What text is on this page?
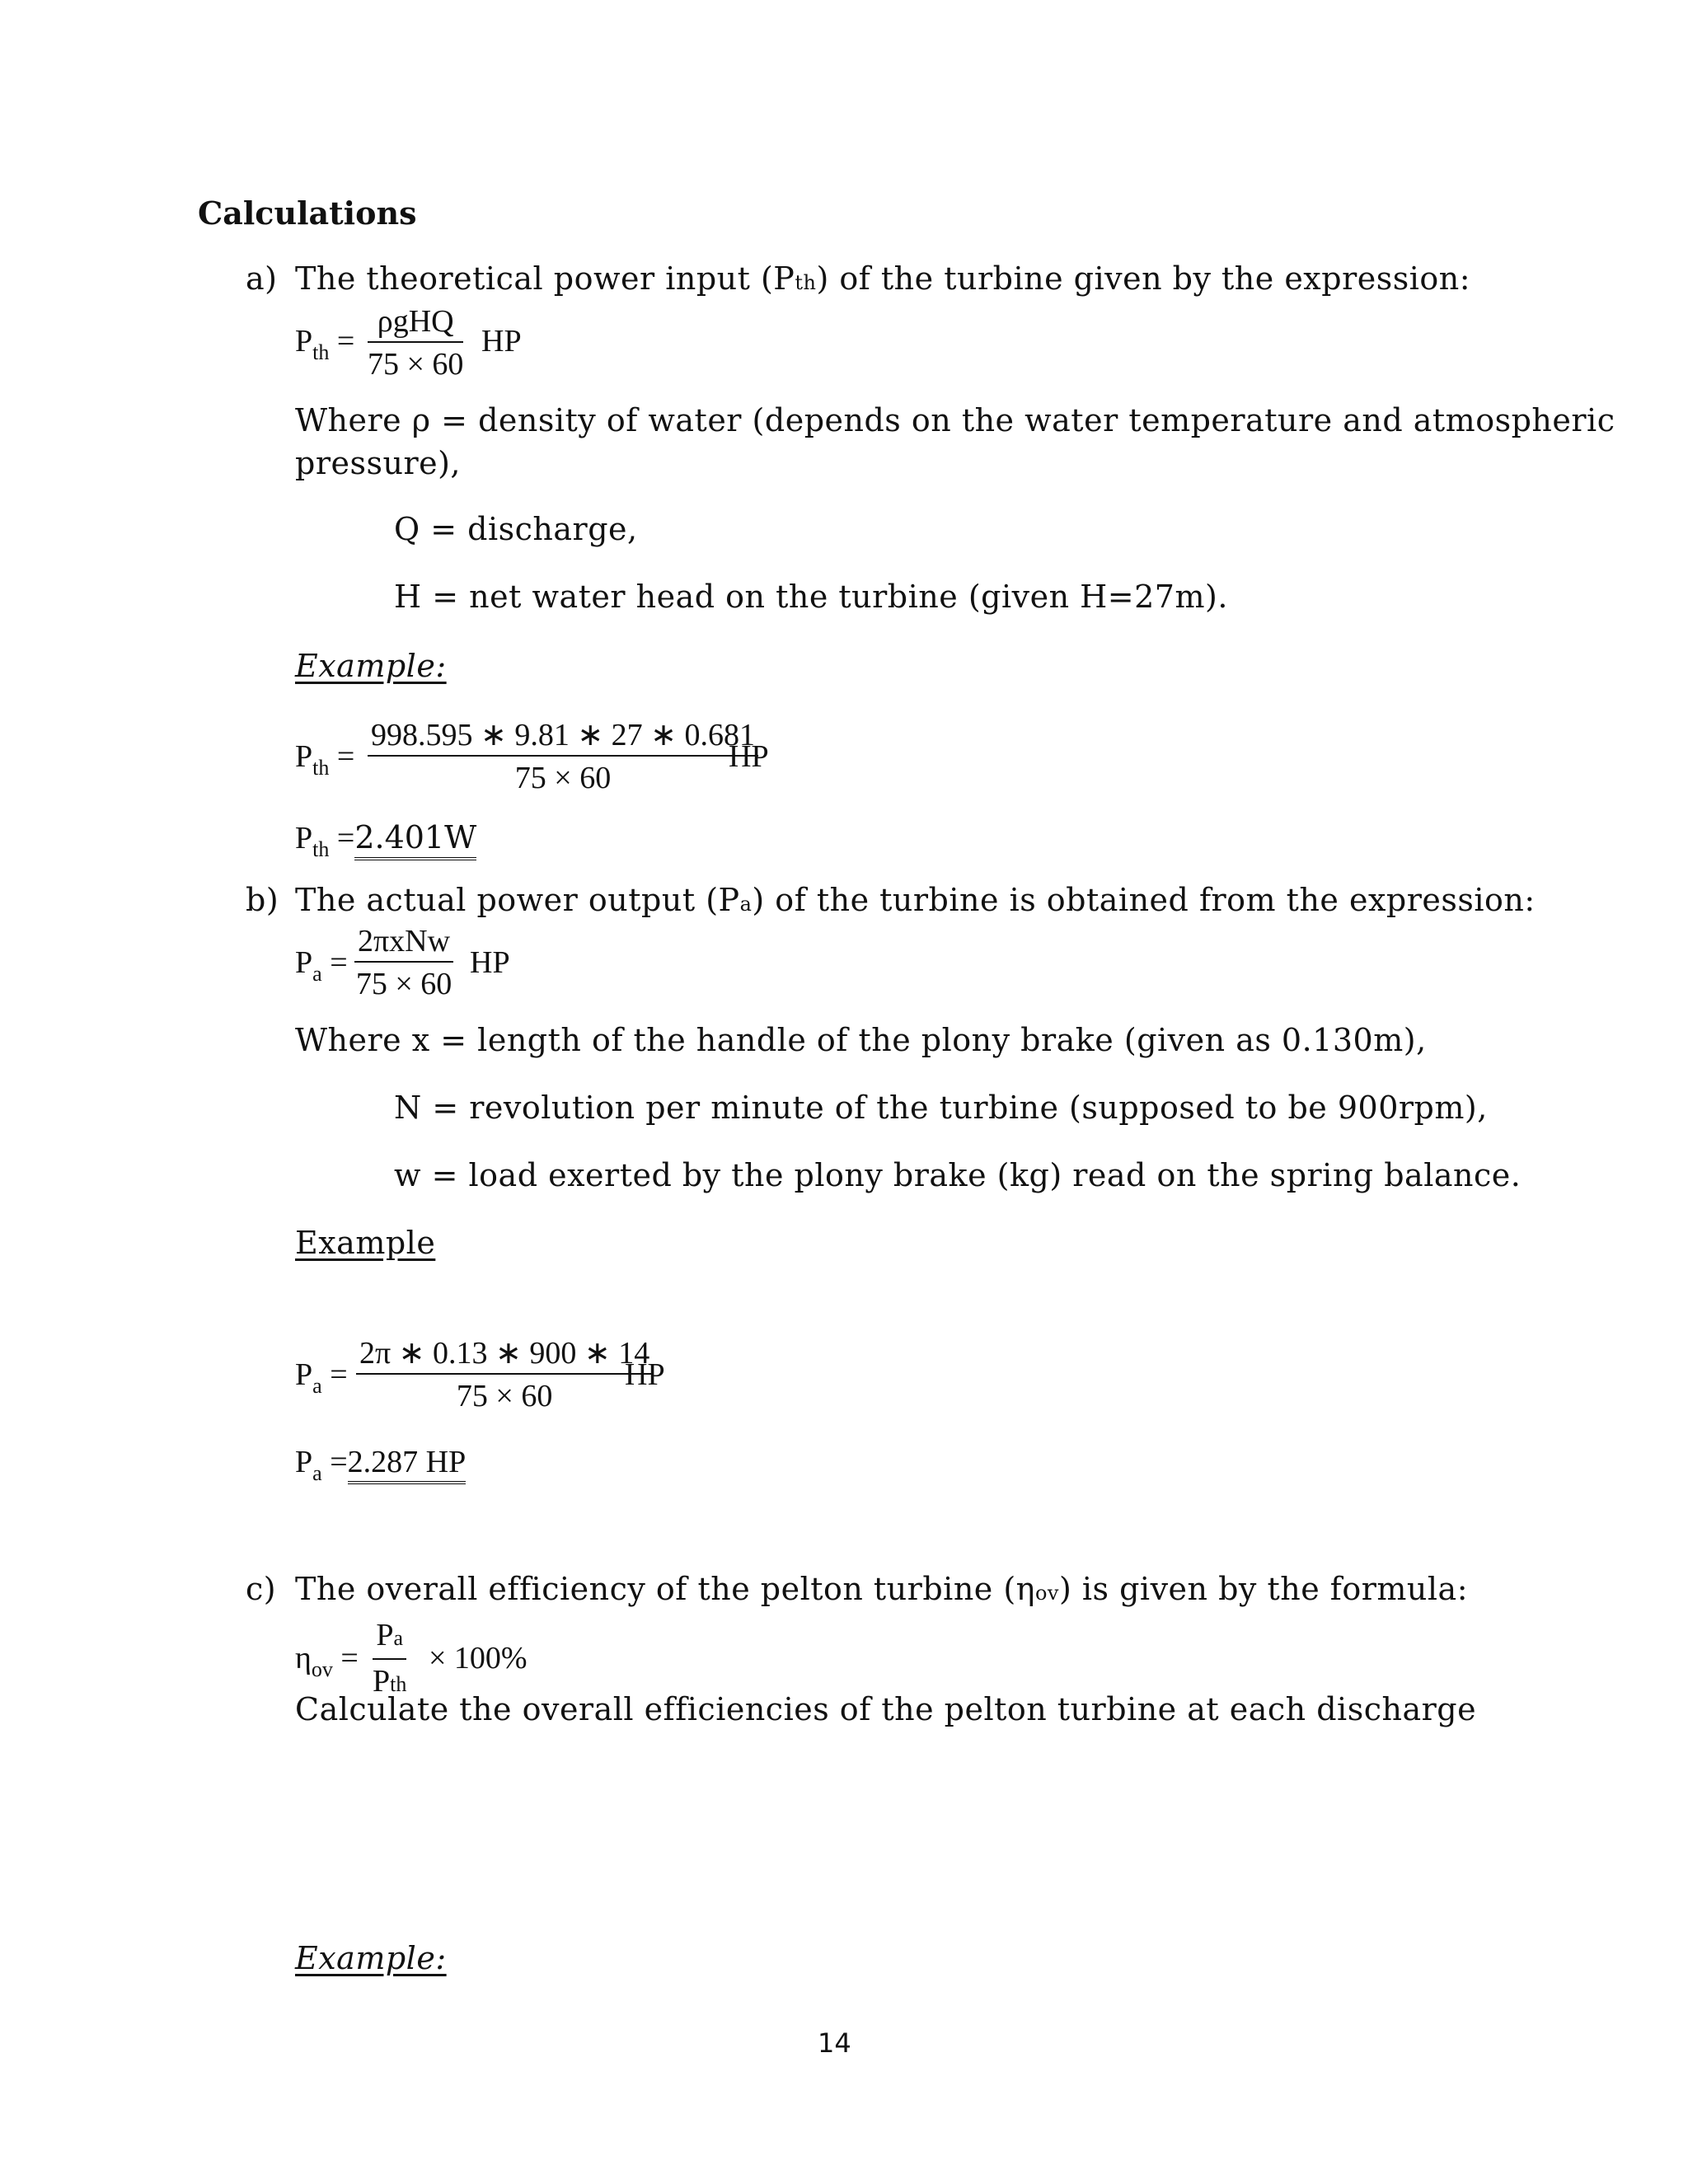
Calculations
a) The theoretical power input (Pth) of the turbine given by the expression:
$P_{th}$ =
ρgHQ
75 × 60
HP
Where ρ = density of water (depends on the water temperature and atmospheric
pressure),
Q = discharge,
H = net water head on the turbine (given H=27m).
Example:
$P_{th} = \frac{998.595 ∗ 9.81 ∗ 27 ∗ 0.681}{75 \times 60}$
HP
$P_{th} =2.401W$
b) The actual power output (Pa) of the turbine is obtained from the expression:
$P_a$ =
2πxNw
75 × 60
HP
Where x = length of the handle of the plony brake (given as 0.130m),
N = revolution per minute of the turbine (supposed to be 900rpm),
w = load exerted by the plony brake (kg) read on the spring balance.
Example
$P_a = \frac{2\pi ∗ 0.13 ∗ 900 ∗ 14}{75 \times 60}$
HP
$P_a =2.287$ HP
c) The overall efficiency of the pelton turbine (ηov) is given by the formula:
$\eta_{ov}$ =
Pa
Pth
× 100%
Calculate the overall efficiencies of the pelton turbine at each discharge
Example:
14
